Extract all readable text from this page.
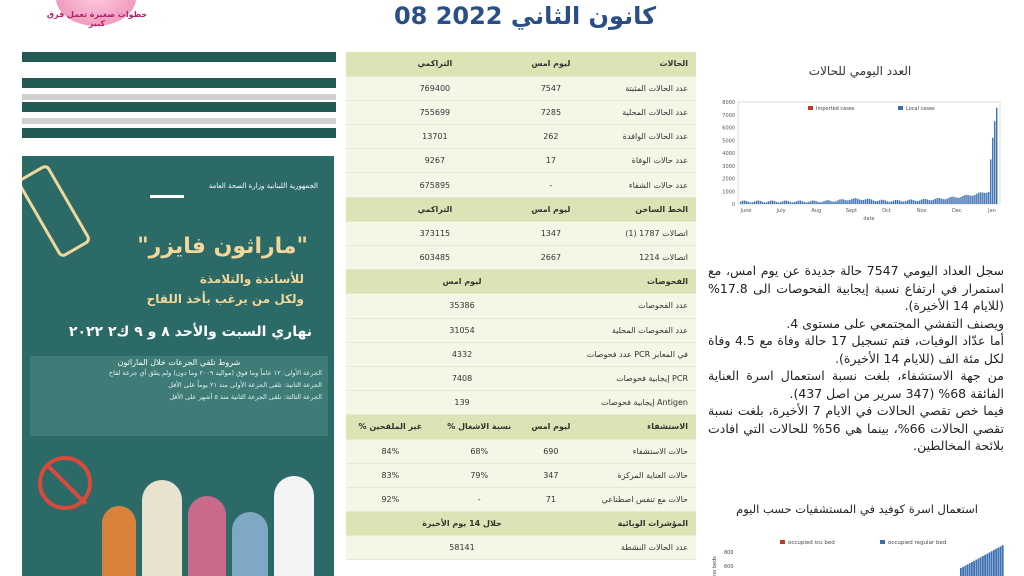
خطوات صغيرة تعمل فرق كبير	08 كانون الثاني 2022
الجمهورية اللبنانية وزارة الصحة العامة
"ماراثون فايزر"
للأساتذة والتلامذة
ولكل من يرغب بأخذ اللقاح
نهاري السبت والأحد ٨ و ٩ ك٢ ٢٠٢٢
شروط تلقي الجرعات خلال الماراثون
الجرعة الأولى: ١٢ عاماً وما فوق (مواليد ٢٠٠٩ وما دون) ولم يتلق أي جرعة لقاح
الجرعة الثانية: تلقى الجرعة الأولى منذ ٢١ يوماً على الأقل
الجرعة الثالثة: تلقى الجرعة الثانية منذ ٥ أشهر على الأقل
التراكمي		ليوم امس	الحالات
769400		7547	عدد الحالات المثبتة
755699		7285	عدد الحالات المحلية
13701		262	عدد الحالات الوافدة
9267		17	عدد حالات الوفاة
675895		-	عدد حالات الشفاء
التراكمي		ليوم امس	الخط الساخن
373115		1347	اتصالات 1787 (1)
603485		2667	اتصالات 1214
ليوم امس			الفحوصات
35386			عدد الفحوصات
31054			عدد الفحوصات المحلية
4332			عدد فحوصات PCR في المعابر
7408			إيجابية فحوصات PCR
139			إيجابية فحوصات Antigen
% غير الملقحين	% نسبة الاشغال	ليوم امس	الاستشفاء
84%	68%	690	حالات الاستشفاء
83%	79%	347	حالات العناية المركزة
92%	-	71	حالات مع تنفس اصطناعي
خلال 14 يوم الأخيرة			المؤشرات الوبائية
58141			عدد الحالات النشطة
العدد اليومي للحالات
0
1000
2000
3000
4000
5000
6000
7000
8000
Imported cases	Local cases
June	July	Aug	Sept	Oct	Nov	Dec	Jan
date

سجل العداد اليومي 7547 حالة جديدة عن يوم امس، مع استمرار في ارتفاع نسبة إيجابية الفحوصات الى 17.8% (للايام 14 الأخيرة).

ويصنف التفشي المجتمعي على مستوى 4.

أما عدّاد الوفيات، فتم تسجيل 17 حالة وفاة مع 4.5 وفاة لكل مئة الف (للايام 14 الأخيرة).

من جهة الاستشفاء، بلغت نسبة استعمال اسرة العناية الفائقة 68% (347 سرير من اصل 437).

فيما خص تقصي الحالات في الايام 7 الأخيرة، بلغت نسبة تقصي الحالات 66%، بينما هي 56% للحالات التي افادت بلائحة المخالطين.

استعمال اسرة كوفيد في المستشفيات حسب اليوم
occupied icu bed	occupied regular bed
600
800
no beds
